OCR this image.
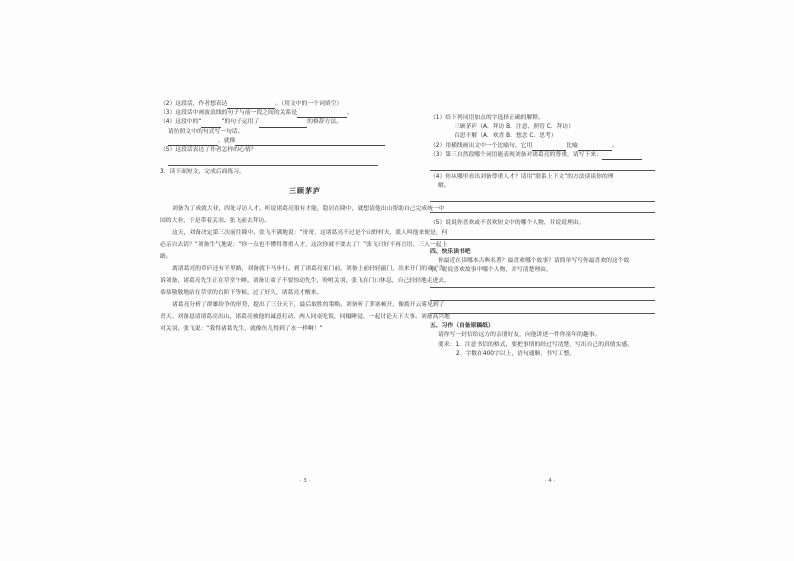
（2）这段话，作者想表达	。（用文中的一个词填空）
（3）这段话中画波浪线的句子与前一段之间的关系是	。
（4）这段中的“	”的句子运用了	的修辞方法。
请仿照文中的句式写一句话。
，就像
（5）这段话表达了作者怎样的心情？
3．读下面短文，完成后面练习。
三顾茅庐

刘备为了成就大业，四处寻访人才。听说诸葛亮很有才能，隐居在隆中，就想请他出山帮助自己完成统一中国的大业，于是带着关羽、张飞前去拜访。

这天，刘备决定第三次前往隆中。张飞不满地说：“哥哥，这诸葛亮不过是个山野村夫，派人叫他来便是，何必亲自去请？”刘备生气地说：“你一点也不懂得尊重人才，这次你就不要去了！”张飞只好不再言语，三人一起上路。

离诸葛亮的草庐还有半里路，刘备就下马步行。到了诸葛亮家门前，刘备上前轻轻敲门，出来开门的童子告诉刘备，诸葛亮先生正在草堂午睡。刘备让童子不要惊动先生，吩咐关羽、张飞在门口休息，自己轻轻地走进去，恭恭敬敬地站在草堂的台阶下等候。过了好久，诸葛亮才醒来。

诸葛亮分析了群雄纷争的形势，提出了三分天下，最后取胜的策略。刘备听了茅塞顿开，像拨开云雾见到了青天。刘备恳请诸葛亮出山，诸葛亮被他的诚意打动，两人同桌吃饭，同榻睡觉，一起讨论天下大事。刘备高兴地对关羽、张飞说：“我得诸葛先生，就像鱼儿得到了水一样啊！”

· 3 ·
（1）给下列词语加点的字选择正确的解释。
三顾茅庐（A．拜访 B．注意、照管 C．拜访）
百思不解（A．欢喜 B．想念 C．思考）
（2）用横线画出文中一个比喻句，它用	比喻	。
（3）第三自然段哪个词语能表现刘备对诸葛亮的尊重，请写下来：
（4）你从哪里看出刘备尊重人才？请用“联系上下文”的方法谈谈你的理
解。
（5）说说你喜欢或不喜欢短文中的哪个人物，并说说理由。
四、快乐读书吧
你最近在读哪本古典名著？最喜欢哪个故事？请简单写写你最喜欢的这个故
事，说说喜欢故事中哪个人物，并写清楚理由。
五、习作（自备原稿纸）
请你写一封信给远方的亲朋好友，向他讲述一件你童年的趣事。
要求：1．注意书信的格式，要把事情的经过写清楚，写出自己的真情实感。
2．字数在400字以上，语句通顺，书写工整。
· 4 ·
